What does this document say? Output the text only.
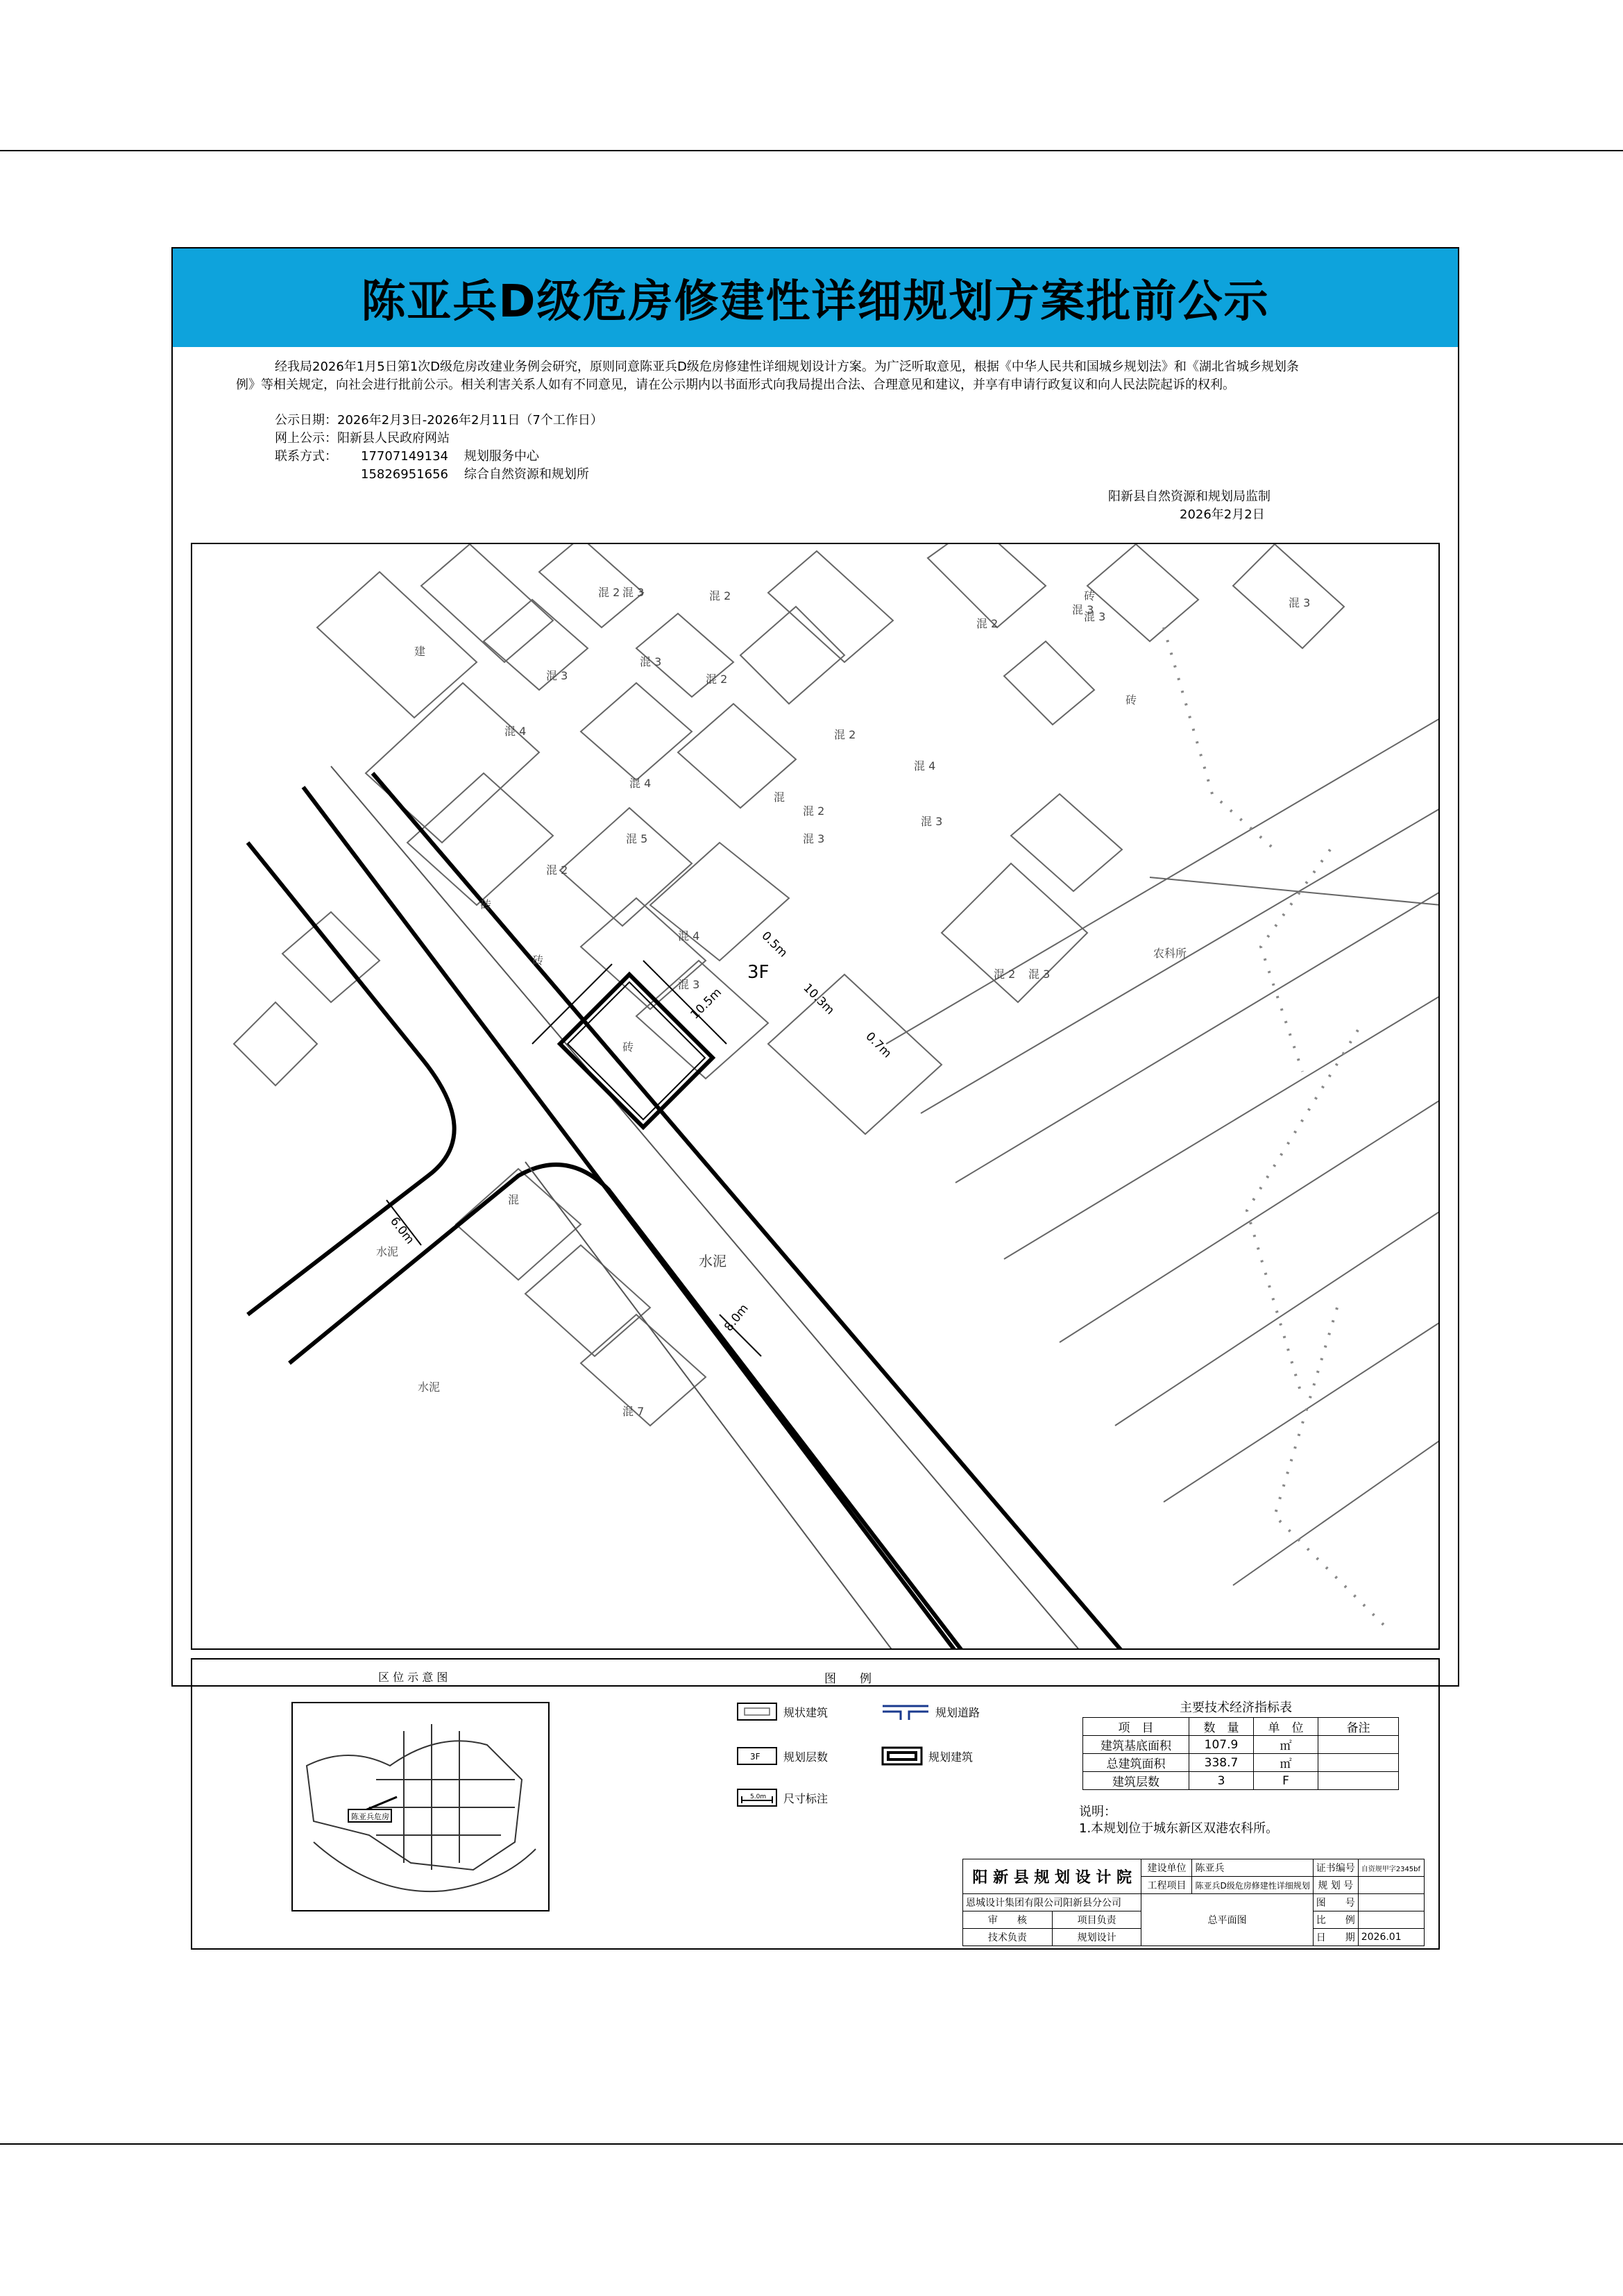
陈亚兵D级危房修建性详细规划方案批前公示

经我局2026年1月5日第1次D级危房改建业务例会研究，原则同意陈亚兵D级危房修建性详细规划设计方案。为广泛听取意见，根据《中华人民共和国城乡规划法》和《湖北省城乡规划条例》等相关规定，向社会进行批前公示。相关利害关系人如有不同意见，请在公示期内以书面形式向我局提出合法、合理意见和建议，并享有申请行政复议和向人民法院起诉的权利。

公示日期：2026年2月3日-2026年2月11日（7个工作日）
网上公示：阳新县人民政府网站
联系方式： 17707149134 规划服务中心
15826951656 综合自然资源和规划所
阳新县自然资源和规划局监制
2026年2月2日
混 2 混 3	混 2
混 3
混 2
混 3
混 2
混 3
混 4
混 4
混 5
混 2
混 2
混 3
混 4
混 3
混 3
混 2
混 2 混 3
混 3
混 4
混 3
砖
砖
砖
砖
砖
混
混 7
混
建
水泥
水泥
水泥
农科所
3F
0.5m
10.5m	10.3m
0.7m
6.0m
8.0m
区 位 示 意 图
陈亚兵危房
图　　例
规状建筑	规划道路
3F 规划层数	规划建筑
5.0m 尺寸标注
主要技术经济指标表
项　目	数　量	单　位	备注
建筑基底面积	107.9	㎡	
总建筑面积	338.7	㎡	
建筑层数	3	F	
说明：
1.本规划位于城东新区双港农科所。
阳 新 县 规 划 设 计 院		建设单位	陈亚兵	证书编号	自资规甲字2345bf
		工程项目	陈亚兵D级危房修建性详细规划	规 划 号	
恩城设计集团有限公司阳新县分公司		总平面图		图　　号	
审　　核	项目负责			比　　例	
技术负责	规划设计			日　　期	2026.01
